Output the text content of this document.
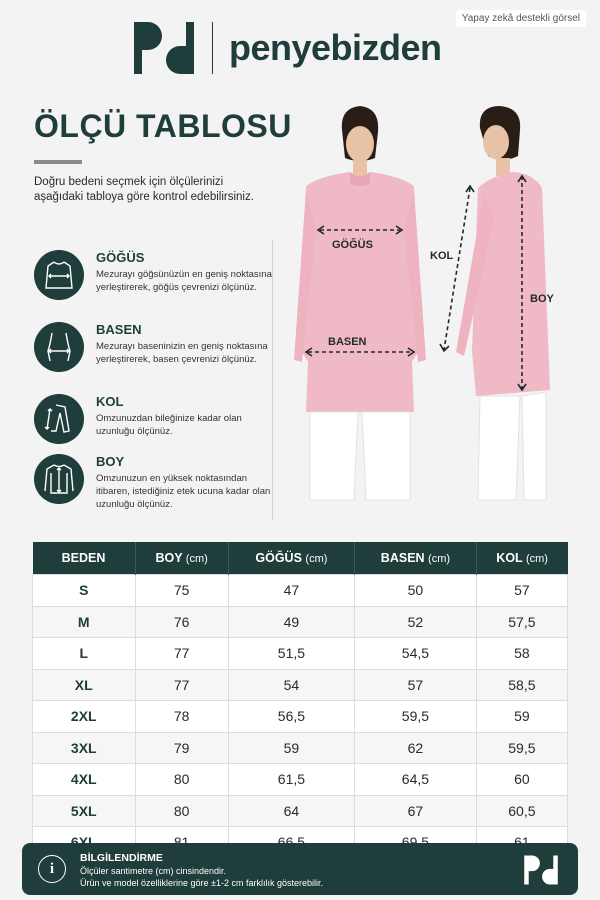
Yapay zekâ destekli görsel
penyebizden
ÖLÇÜ TABLOSU
Doğru bedeni seçmek için ölçülerinizi aşağıdaki tabloya göre kontrol edebilirsiniz.
GÖĞÜS
Mezurayı göğsünüzün en geniş noktasına yerleştirerek, göğüs çevrenizi ölçünüz.
BASEN
Mezurayı baseninizin en geniş noktasına yerleştirerek, basen çevrenizi ölçünüz.
KOL
Omzunuzdan bileğinize kadar olan uzunluğu ölçünüz.
BOY
Omzunuzun en yüksek noktasından itibaren, istediğiniz etek ucuna kadar olan uzunluğu ölçünüz.
GÖĞÜS
BASEN
KOL
BOY
BEDEN	BOY (cm)	GÖĞÜS (cm)	BASEN (cm)	KOL (cm)
S	75	47	50	57
M	76	49	52	57,5
L	77	51,5	54,5	58
XL	77	54	57	58,5
2XL	78	56,5	59,5	59
3XL	79	59	62	59,5
4XL	80	61,5	64,5	60
5XL	80	64	67	60,5

i
BİLGİLENDİRME
Ölçüler santimetre (cm) cinsindendir.
Ürün ve model özelliklerine göre ±1-2 cm farklılık gösterebilir.
